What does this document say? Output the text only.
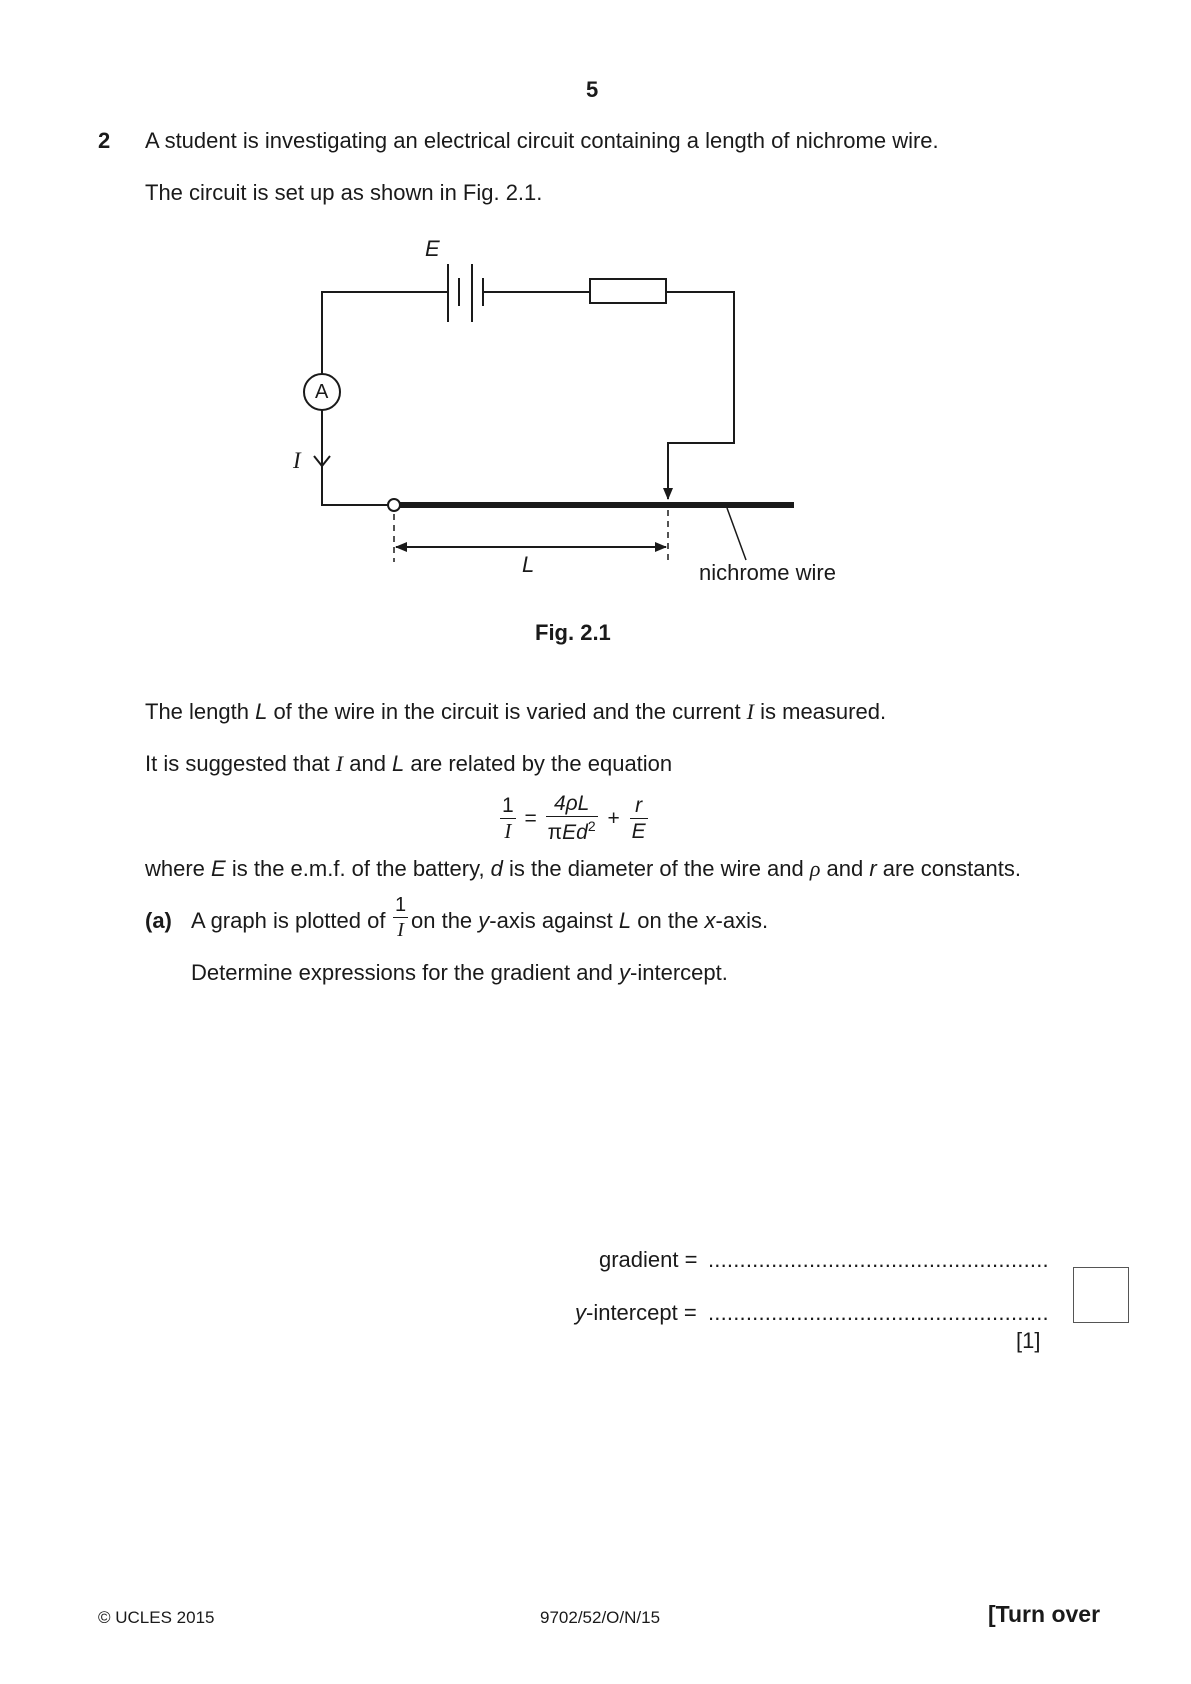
5
2 A student is investigating an electrical circuit containing a length of nichrome wire.
The circuit is set up as shown in Fig. 2.1.
E
A
I
L	nichrome wire
Fig. 2.1
The length L of the wire in the circuit is varied and the current I is measured.
It is suggested that I and L are related by the equation
$\frac{1}{I} = \frac{4\rho L}{\pi Ed^2} + \frac{r}{E}$
where E is the e.m.f. of the battery, d is the diameter of the wire and ρ and r are constants.
(a) A graph is plotted of $\frac{1}{I}$ on the y-axis against L on the x-axis.
Determine expressions for the gradient and y-intercept.
gradient = ......................................................
y-intercept = ......................................................
[1]
© UCLES 2015	9702/52/O/N/15	[Turn over
